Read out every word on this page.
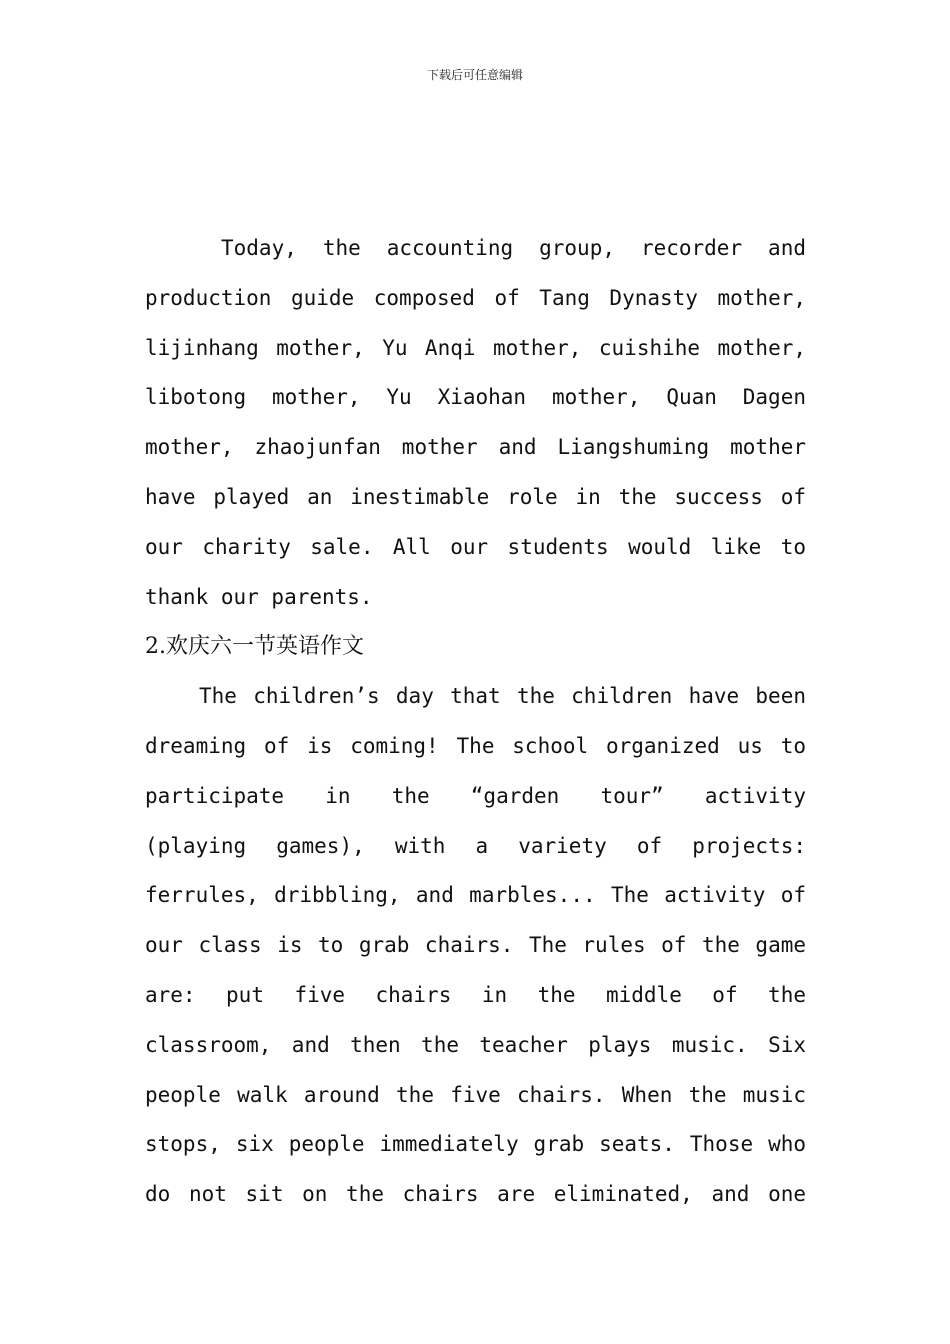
下载后可任意编辑
Today, the accounting group, recorder and
production guide composed of Tang Dynasty mother,
lijinhang mother, Yu Anqi mother, cuishihe mother,
libotong mother, Yu Xiaohan mother, Quan Dagen
mother, zhaojunfan mother and Liangshuming mother
have played an inestimable role in the success of
our charity sale. All our students would like to
thank our parents.
2.欢庆六一节英语作文
The children’s day that the children have been
dreaming of is coming! The school organized us to
participate in the “garden tour” activity
(playing games), with a variety of projects:
ferrules, dribbling, and marbles... The activity of
our class is to grab chairs. The rules of the game
are: put five chairs in the middle of the
classroom, and then the teacher plays music. Six
people walk around the five chairs. When the music
stops, six people immediately grab seats. Those who
do not sit on the chairs are eliminated, and one
